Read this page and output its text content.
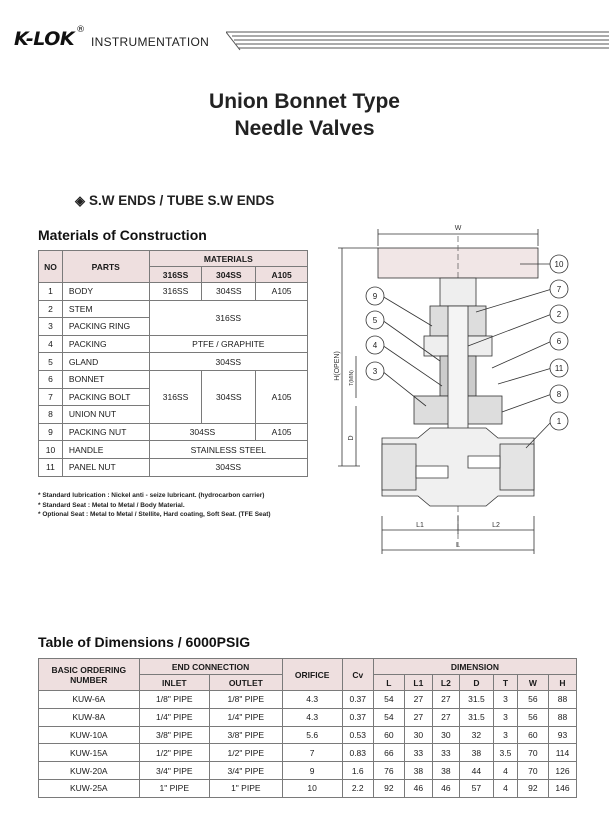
K-LOK ®
INSTRUMENTATION
Union Bonnet Type
Needle Valves
◈ S.W ENDS / TUBE S.W ENDS
Materials of Construction
NO	PARTS	MATERIALS		
		316SS	304SS	A105
1	BODY	316SS	304SS	A105
2	STEM	316SS		
3	PACKING RING			
4	PACKING	PTFE / GRAPHITE		
5	GLAND	304SS		
6	BONNET	316SS	304SS	A105
7	PACKING BOLT			
8	UNION NUT			
9	PACKING NUT	304SS		A105
10	HANDLE	STAINLESS STEEL		
11	PANEL NUT	304SS		
* Standard lubrication : Nickel anti - seize lubricant. (hydrocarbon carrier)
* Standard Seat : Metal to Metal / Body Material.
* Optional Seat : Metal to Metal / Stellite, Hard coating, Soft Seat. (TFE Seat)
W
H(OPEN) T(MIN)
D
L1	L2
L
10
7
9
5
2
4	6
3	11
8
1
Table of Dimensions / 6000PSIG
BASIC ORDERING NUMBER	END CONNECTION		ORIFICE	Cv	DIMENSION						
	INLET	OUTLET			L	L1	L2	D	T	W	H
KUW-6A	1/8" PIPE	1/8" PIPE	4.3	0.37	54	27	27	31.5	3	56	88
KUW-8A	1/4" PIPE	1/4" PIPE	4.3	0.37	54	27	27	31.5	3	56	88
KUW-10A	3/8" PIPE	3/8" PIPE	5.6	0.53	60	30	30	32	3	60	93
KUW-15A	1/2" PIPE	1/2" PIPE	7	0.83	66	33	33	38	3.5	70	114
KUW-20A	3/4" PIPE	3/4" PIPE	9	1.6	76	38	38	44	4	70	126
KUW-25A	1" PIPE	1" PIPE	10	2.2	92	46	46	57	4	92	146
